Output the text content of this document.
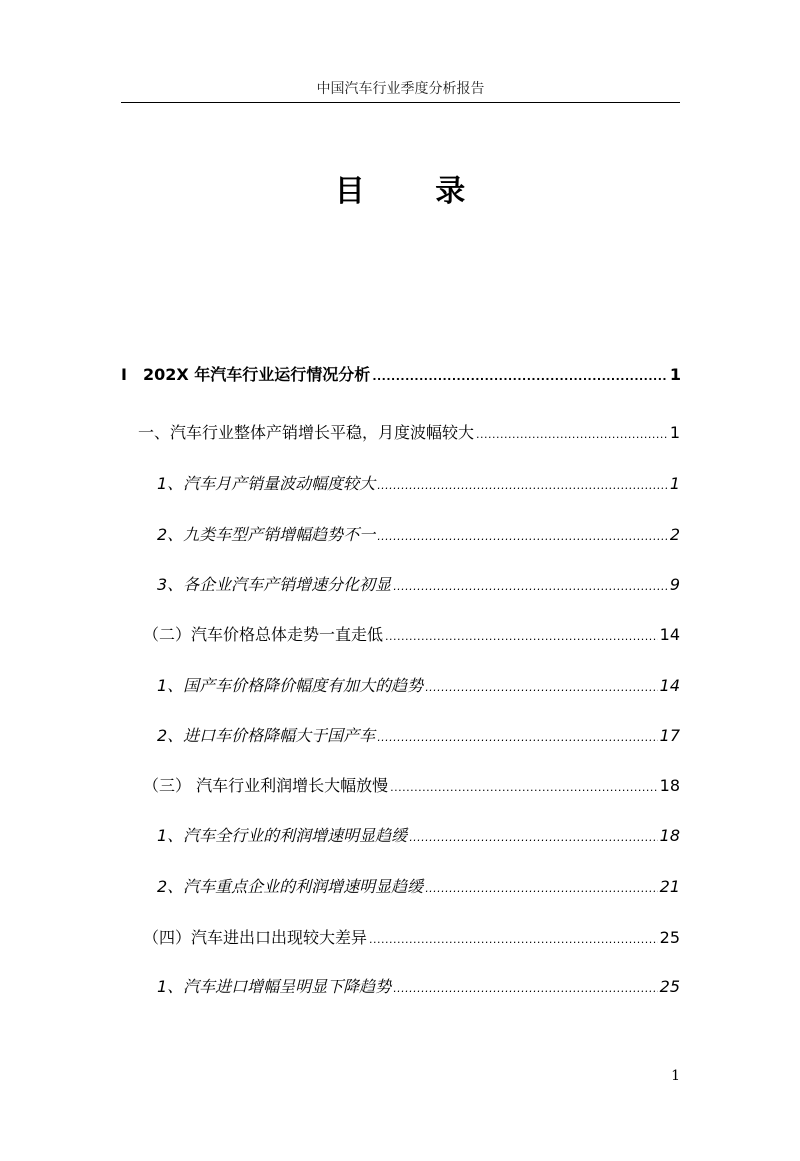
中国汽车行业季度分析报告
目 录
I	202X 年汽车行业运行情况分析 .....	1
一、汽车行业整体产销增长平稳，月度波幅较大 .....	1
1、汽车月产销量波动幅度较大 .....	1
2、九类车型产销增幅趋势不一 .....	2
3、各企业汽车产销增速分化初显 .....	9
（二）汽车价格总体走势一直走低 .....	14
1、国产车价格降价幅度有加大的趋势 .....	14
2、进口车价格降幅大于国产车 .....	17
（三） 汽车行业利润增长大幅放慢 .....	18
1、汽车全行业的利润增速明显趋缓 .....	18
2、汽车重点企业的利润增速明显趋缓 .....	21
（四）汽车进出口出现较大差异 .....	25
1、汽车进口增幅呈明显下降趋势 .....	25
1
